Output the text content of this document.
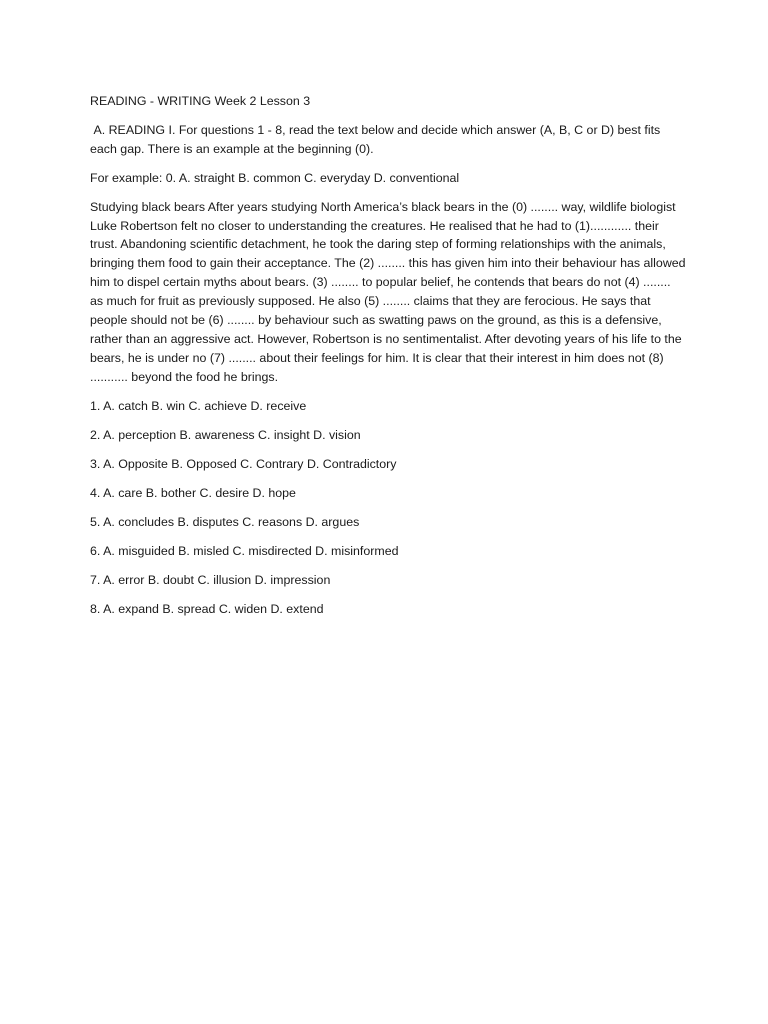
READING - WRITING Week 2 Lesson 3

A. READING I. For questions 1 - 8, read the text below and decide which answer (A, B, C or D) best fits each gap. There is an example at the beginning (0).

For example: 0. A. straight B. common C. everyday D. conventional

Studying black bears After years studying North America’s black bears in the (0) ........ way, wildlife biologist Luke Robertson felt no closer to understanding the creatures. He realised that he had to (1)............ their trust. Abandoning scientific detachment, he took the daring step of forming relationships with the animals, bringing them food to gain their acceptance. The (2) ........ this has given him into their behaviour has allowed him to dispel certain myths about bears. (3) ........ to popular belief, he contends that bears do not (4) ........ as much for fruit as previously supposed. He also (5) ........ claims that they are ferocious. He says that people should not be (6) ........ by behaviour such as swatting paws on the ground, as this is a defensive, rather than an aggressive act. However, Robertson is no sentimentalist. After devoting years of his life to the bears, he is under no (7) ........ about their feelings for him. It is clear that their interest in him does not (8) ........... beyond the food he brings.

1. A. catch B. win C. achieve D. receive

2. A. perception B. awareness C. insight D. vision

3. A. Opposite B. Opposed C. Contrary D. Contradictory

4. A. care B. bother C. desire D. hope

5. A. concludes B. disputes C. reasons D. argues

6. A. misguided B. misled C. misdirected D. misinformed

7. A. error B. doubt C. illusion D. impression

8. A. expand B. spread C. widen D. extend
